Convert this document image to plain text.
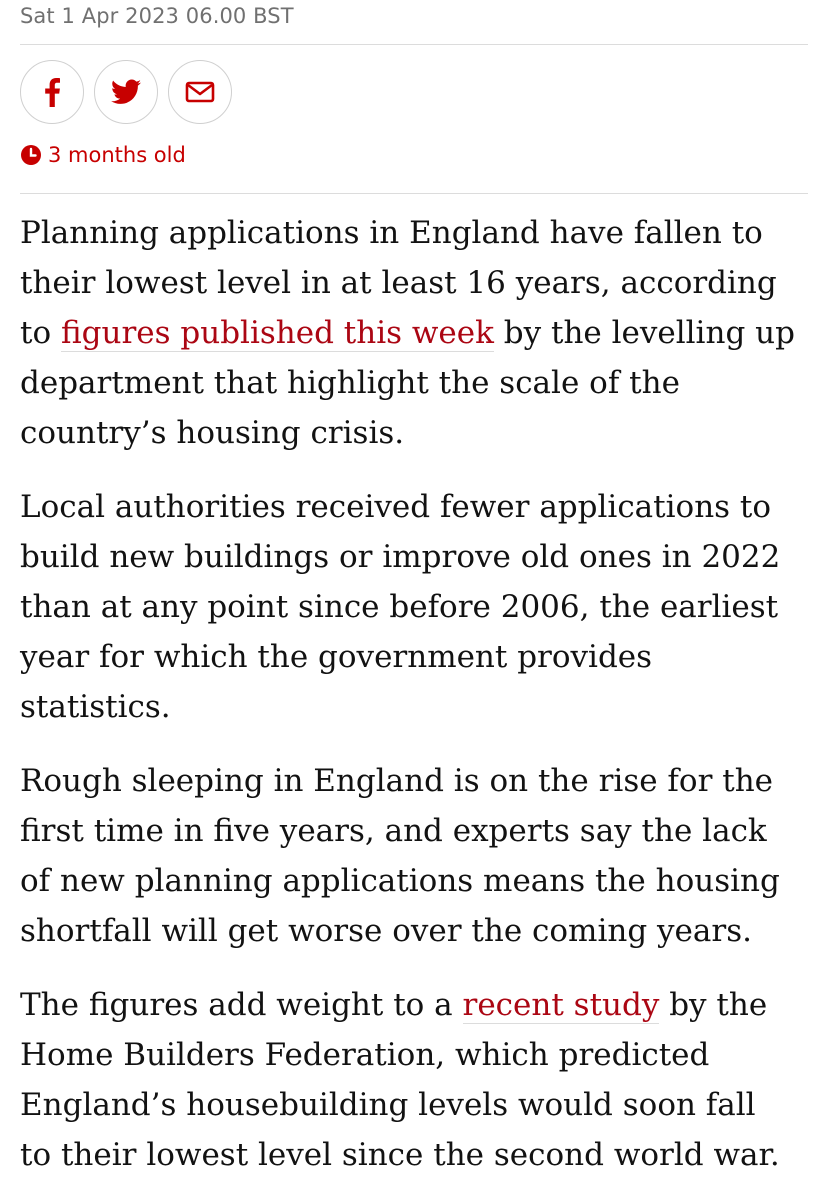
Sat 1 Apr 2023 06.00 BST
3 months old

Planning applications in England have fallen to
their lowest level in at least 16 years, according
to figures published this week by the levelling up
department that highlight the scale of the
country’s housing crisis.

Local authorities received fewer applications to
build new buildings or improve old ones in 2022
than at any point since before 2006, the earliest
year for which the government provides
statistics.

Rough sleeping in England is on the rise for the
first time in five years, and experts say the lack
of new planning applications means the housing
shortfall will get worse over the coming years.

The figures add weight to a recent study by the
Home Builders Federation, which predicted
England’s housebuilding levels would soon fall
to their lowest level since the second world war.
